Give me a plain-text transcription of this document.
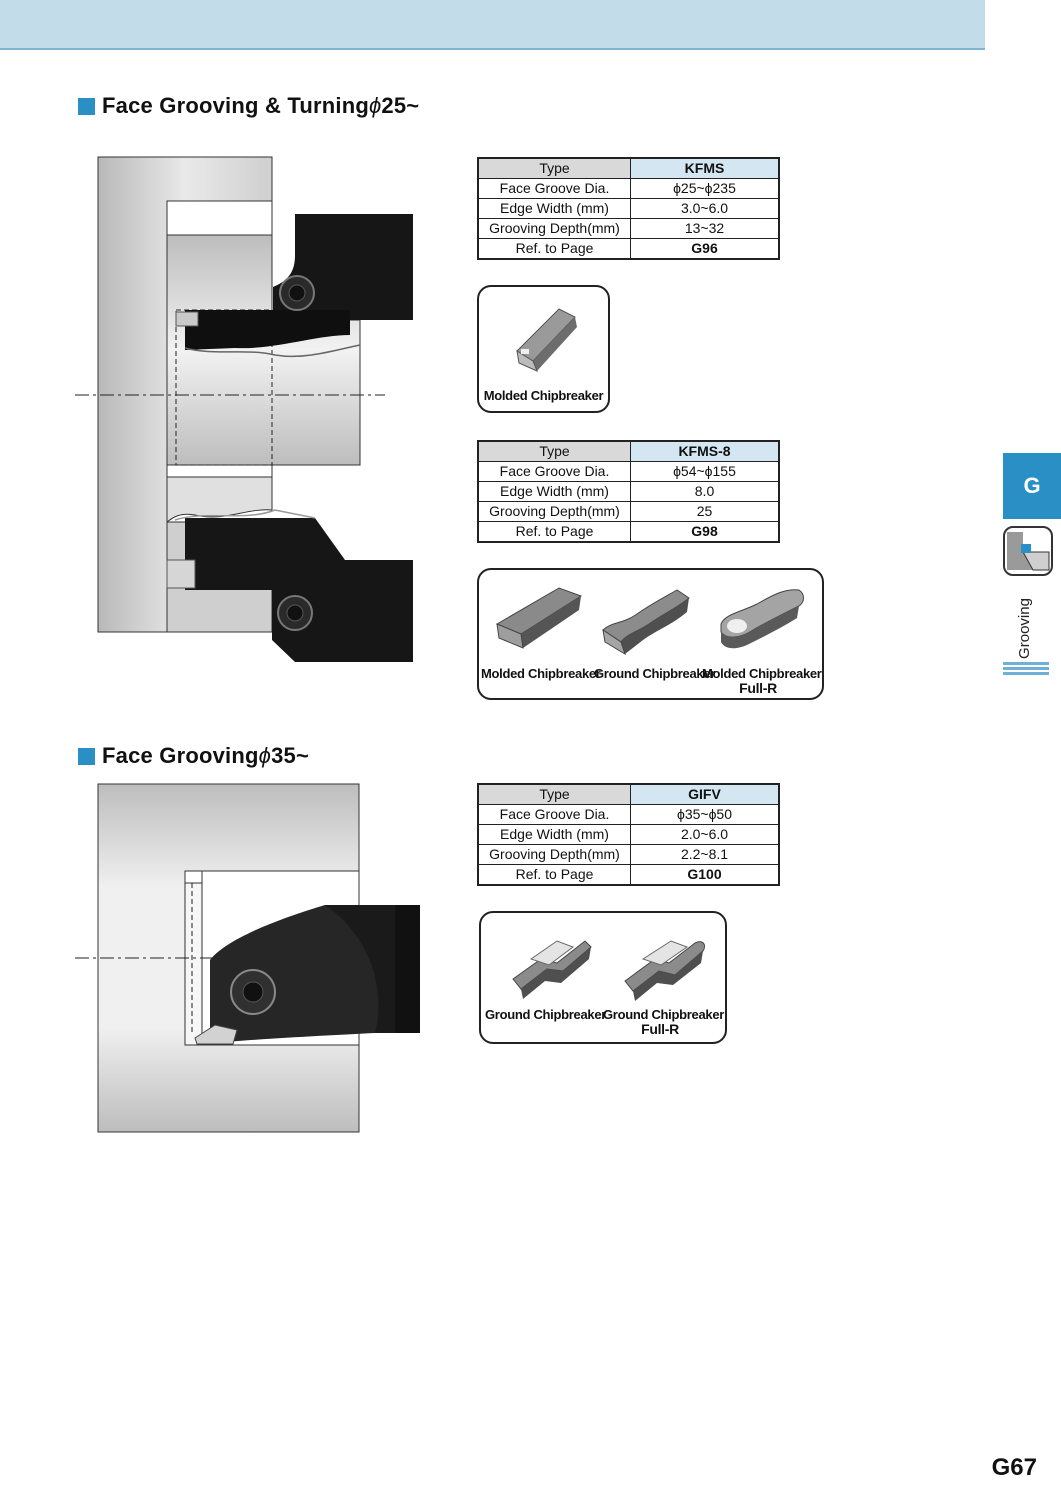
Face Grooving & Turning ϕ 25~
Type	KFMS
Face Groove Dia.	ϕ25~ϕ235
Edge Width (mm)	3.0~6.0
Grooving Depth(mm)	13~32
Ref. to Page	G96
Molded Chipbreaker
Type	KFMS-8
Face Groove Dia.	ϕ54~ϕ155
Edge Width (mm)	8.0
Grooving Depth(mm)	25
Ref. to Page	G98
Molded Chipbreaker
Ground Chipbreaker
Molded Chipbreaker
Full-R
Face Grooving ϕ 35~
Type	GIFV
Face Groove Dia.	ϕ35~ϕ50
Edge Width (mm)	2.0~6.0
Grooving Depth(mm)	2.2~8.1
Ref. to Page	G100
Ground Chipbreaker
Ground Chipbreaker
Full-R
G
Grooving
G67
